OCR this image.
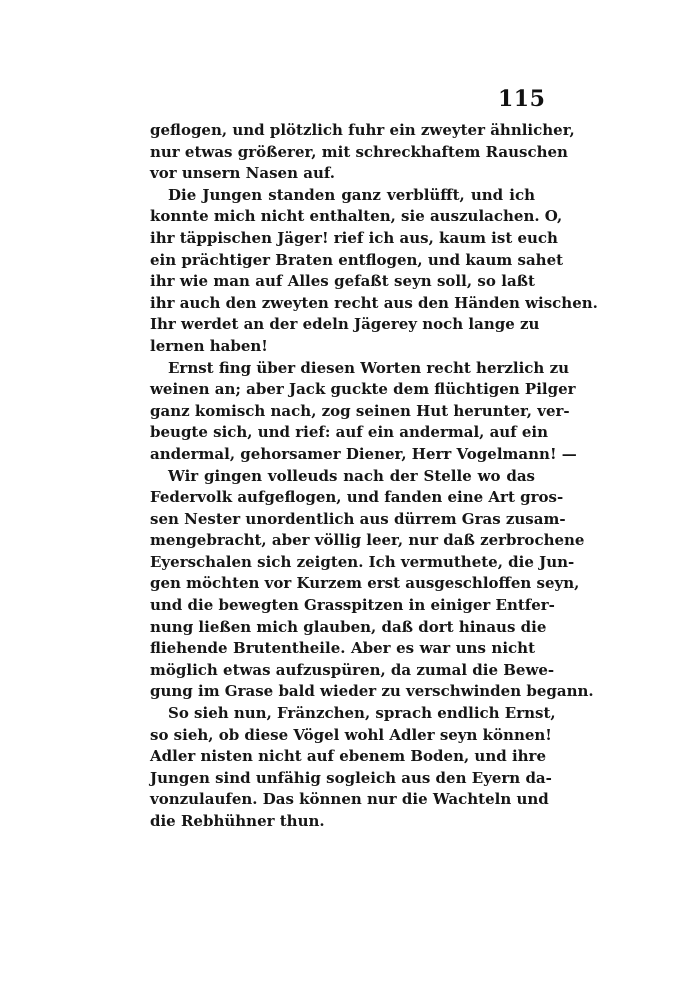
115
geflogen, und plötzlich fuhr ein zweyter ähnlicher,
nur etwas größerer, mit schreckhaftem Rauschen
vor unsern Nasen auf.
Die Jungen standen ganz verblüfft, und ich
konnte mich nicht enthalten, sie auszulachen. O,
ihr täppischen Jäger! rief ich aus, kaum ist euch
ein prächtiger Braten entflogen, und kaum sahet
ihr wie man auf Alles gefaßt seyn soll, so laßt
ihr auch den zweyten recht aus den Händen wischen.
Ihr werdet an der edeln Jägerey noch lange zu
lernen haben!
Ernst fing über diesen Worten recht herzlich zu
weinen an; aber Jack guckte dem flüchtigen Pilger
ganz komisch nach, zog seinen Hut herunter, ver-
beugte sich, und rief: auf ein andermal, auf ein
andermal, gehorsamer Diener, Herr Vogelmann! —
Wir gingen volleuds nach der Stelle wo das
Federvolk aufgeflogen, und fanden eine Art gros-
sen Nester unordentlich aus dürrem Gras zusam-
mengebracht, aber völlig leer, nur daß zerbrochene
Eyerschalen sich zeigten. Ich vermuthete, die Jun-
gen möchten vor Kurzem erst ausgeschloffen seyn,
und die bewegten Grasspitzen in einiger Entfer-
nung ließen mich glauben, daß dort hinaus die
fliehende Brutentheile. Aber es war uns nicht
möglich etwas aufzuspüren, da zumal die Bewe-
gung im Grase bald wieder zu verschwinden begann.
So sieh nun, Fränzchen, sprach endlich Ernst,
so sieh, ob diese Vögel wohl Adler seyn können!
Adler nisten nicht auf ebenem Boden, und ihre
Jungen sind unfähig sogleich aus den Eyern da-
vonzulaufen. Das können nur die Wachteln und
die Rebhühner thun.
